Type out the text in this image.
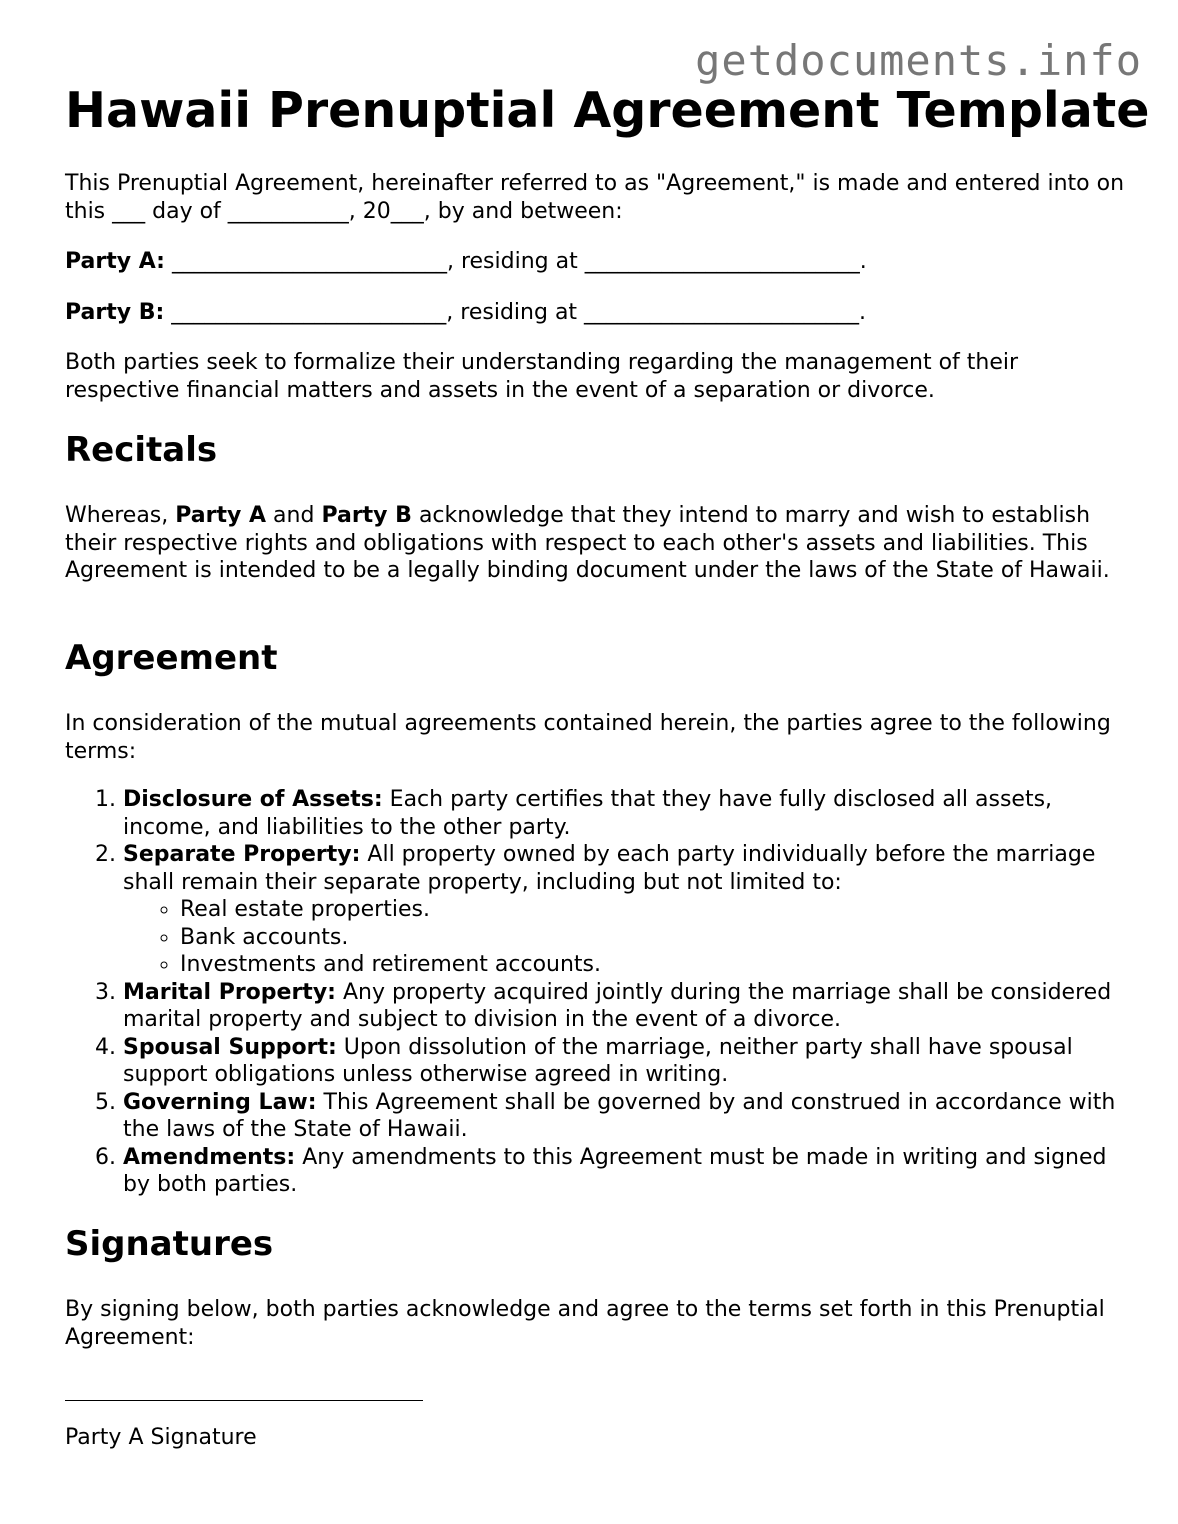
getdocuments.info
Hawaii Prenuptial Agreement Template

This Prenuptial Agreement, hereinafter referred to as "Agreement," is made and entered into on this ___ day of ___________, 20___, by and between:

Party A: _________________________, residing at _________________________.

Party B: _________________________, residing at _________________________.

Both parties seek to formalize their understanding regarding the management of their respective financial matters and assets in the event of a separation or divorce.

Recitals

Whereas, Party A and Party B acknowledge that they intend to marry and wish to establish their respective rights and obligations with respect to each other's assets and liabilities. This Agreement is intended to be a legally binding document under the laws of the State of Hawaii.

Agreement

In consideration of the mutual agreements contained herein, the parties agree to the following terms:

1. Disclosure of Assets: Each party certifies that they have fully disclosed all assets, income, and liabilities to the other party.
2. Separate Property: All property owned by each party individually before the marriage shall remain their separate property, including but not limited to:
◦ Real estate properties.
◦ Bank accounts.
◦ Investments and retirement accounts.
3. Marital Property: Any property acquired jointly during the marriage shall be considered marital property and subject to division in the event of a divorce.
4. Spousal Support: Upon dissolution of the marriage, neither party shall have spousal support obligations unless otherwise agreed in writing.
5. Governing Law: This Agreement shall be governed by and construed in accordance with the laws of the State of Hawaii.
6. Amendments: Any amendments to this Agreement must be made in writing and signed by both parties.
Signatures

By signing below, both parties acknowledge and agree to the terms set forth in this Prenuptial Agreement:

Party A Signature
